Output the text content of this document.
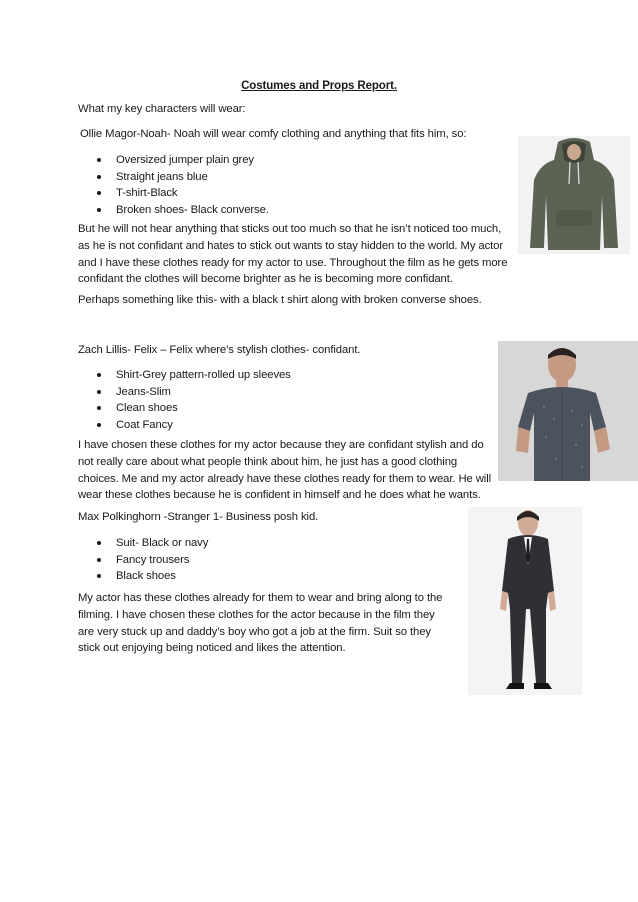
Costumes and Props Report.
What my key characters will wear:
Ollie Magor-Noah- Noah will wear comfy clothing and anything that fits him, so:
Oversized jumper plain grey
Straight jeans blue
T-shirt-Black
Broken shoes- Black converse.
But he will not hear anything that sticks out too much so that he isn’t noticed too much,
as he is not confidant and hates to stick out wants to stay hidden to the world. My actor
and I have these clothes ready for my actor to use. Throughout the film as he gets more
confidant the clothes will become brighter as he is becoming more confidant.
Perhaps something like this- with a black t shirt along with broken converse shoes.
Zach Lillis- Felix – Felix where’s stylish clothes- confidant.
Shirt-Grey pattern-rolled up sleeves
Jeans-Slim
Clean shoes
Coat Fancy
I have chosen these clothes for my actor because they are confidant stylish and do
not really care about what people think about him, he just has a good clothing
choices. Me and my actor already have these clothes ready for them to wear. He will
wear these clothes because he is confident in himself and he does what he wants.
Max Polkinghorn -Stranger 1- Business posh kid.
Suit- Black or navy
Fancy trousers
Black shoes
My actor has these clothes already for them to wear and bring along to the
filming. I have chosen these clothes for the actor because in the film they
are very stuck up and daddy’s boy who got a job at the firm. Suit so they
stick out enjoying being noticed and likes the attention.
